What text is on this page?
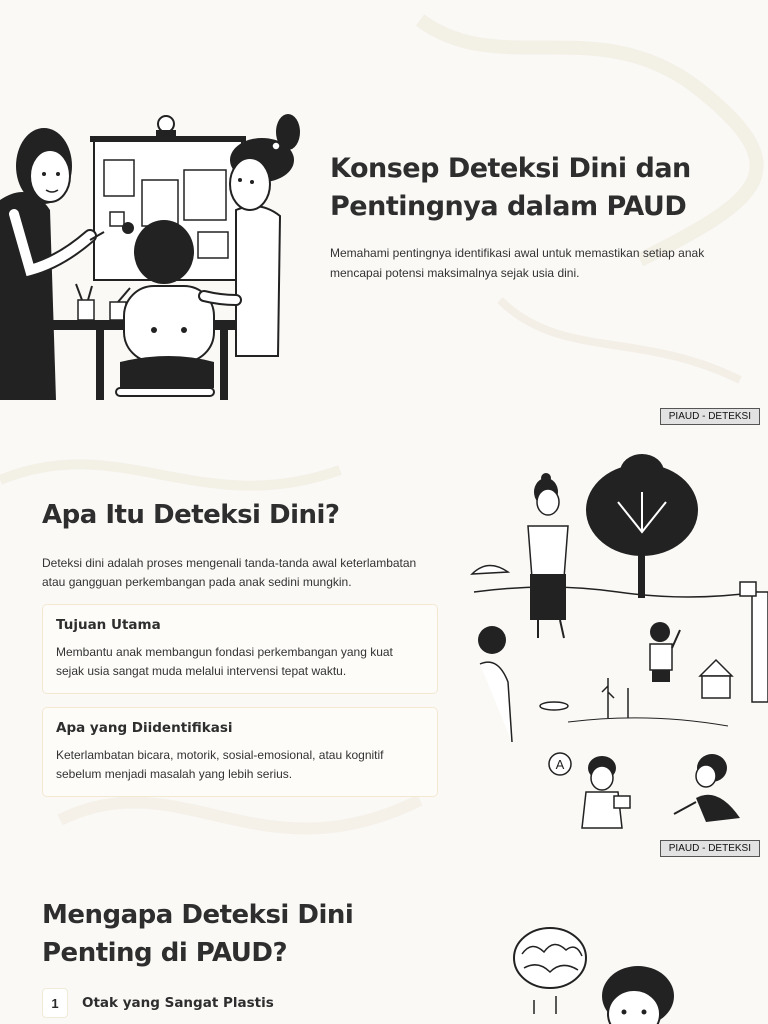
Konsep Deteksi Dini dan Pentingnya dalam PAUD

Memahami pentingnya identifikasi awal untuk memastikan setiap anak mencapai potensi maksimalnya sejak usia dini.

PIAUD - DETEKSI
Apa Itu Deteksi Dini?

Deteksi dini adalah proses mengenali tanda-tanda awal keterlambatan atau gangguan perkembangan pada anak sedini mungkin.

Tujuan Utama

Membantu anak membangun fondasi perkembangan yang kuat sejak usia sangat muda melalui intervensi tepat waktu.

Apa yang Diidentifikasi

Keterlambatan bicara, motorik, sosial-emosional, atau kognitif sebelum menjadi masalah yang lebih serius.

A
PIAUD - DETEKSI
Mengapa Deteksi Dini Penting di PAUD?
1	Otak yang Sangat Plastis
